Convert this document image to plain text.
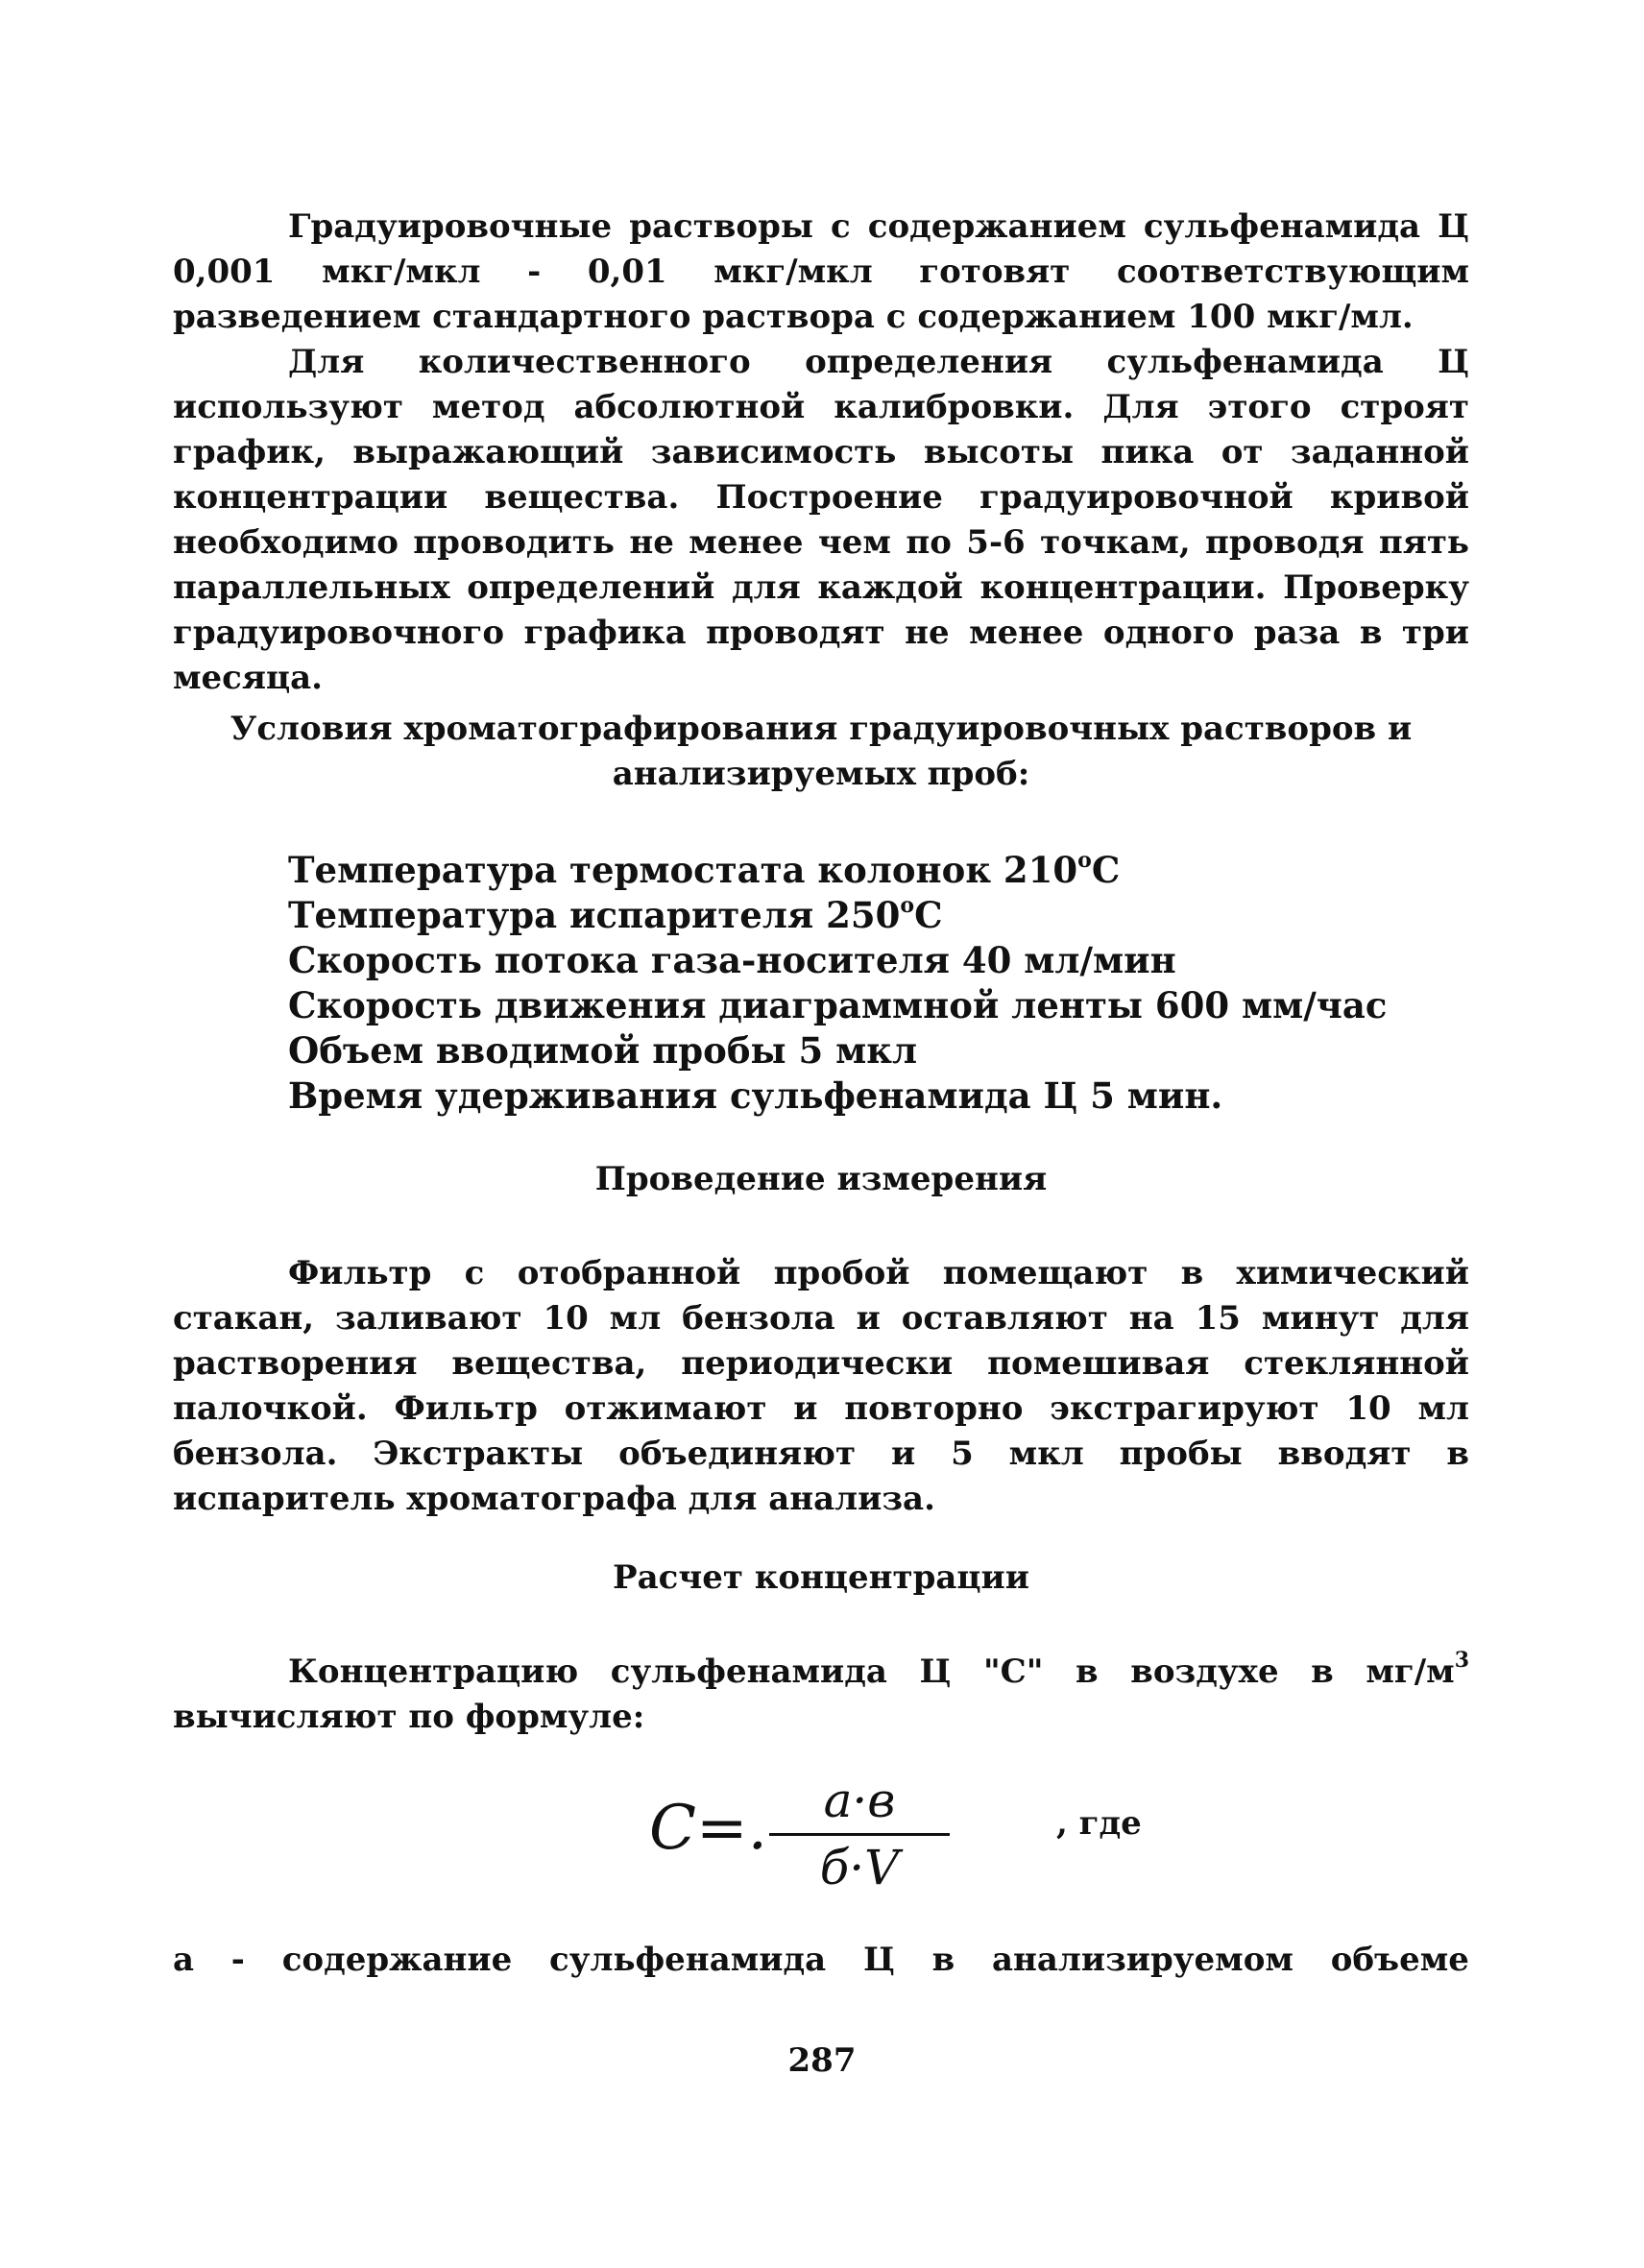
Градуировочные растворы с содержанием сульфенамида Ц 0,001 мкг/мкл - 0,01 мкг/мкл готовят соответствующим разведением стандартного раствора с содержанием 100 мкг/мл.

Для количественного определения сульфенамида Ц используют метод абсолютной калибровки. Для этого строят график, выражающий зависимость высоты пика от заданной концентрации вещества. Построение градуировочной кривой необходимо проводить не менее чем по 5-6 точкам, проводя пять параллельных определений для каждой концентрации. Проверку градуировочного графика проводят не менее одного раза в три месяца.

Условия хроматографирования градуировочных растворов и

анализируемых проб:

Температура термостата колонок 210$^o$С
Температура испарителя 250$^o$С
Скорость потока газа-носителя 40 мл/мин
Скорость движения диаграммной ленты 600 мм/час
Объем вводимой пробы 5 мкл
Время удерживания сульфенамида Ц 5 мин.

Проведение измерения

Фильтр с отобранной пробой помещают в химический стакан, заливают 10 мл бензола и оставляют на 15 минут для растворения вещества, периодически помешивая стеклянной палочкой. Фильтр отжимают и повторно экстрагируют 10 мл бензола. Экстракты объединяют и 5 мкл пробы вводят в испаритель хроматографа для анализа.

Расчет концентрации

Концентрацию сульфенамида Ц "С" в воздухе в $мг/м^3$ вычисляют по формуле:

C=.	a·в
б·V
, где
а - содержание сульфенамида Ц в анализируемом объеме
287
